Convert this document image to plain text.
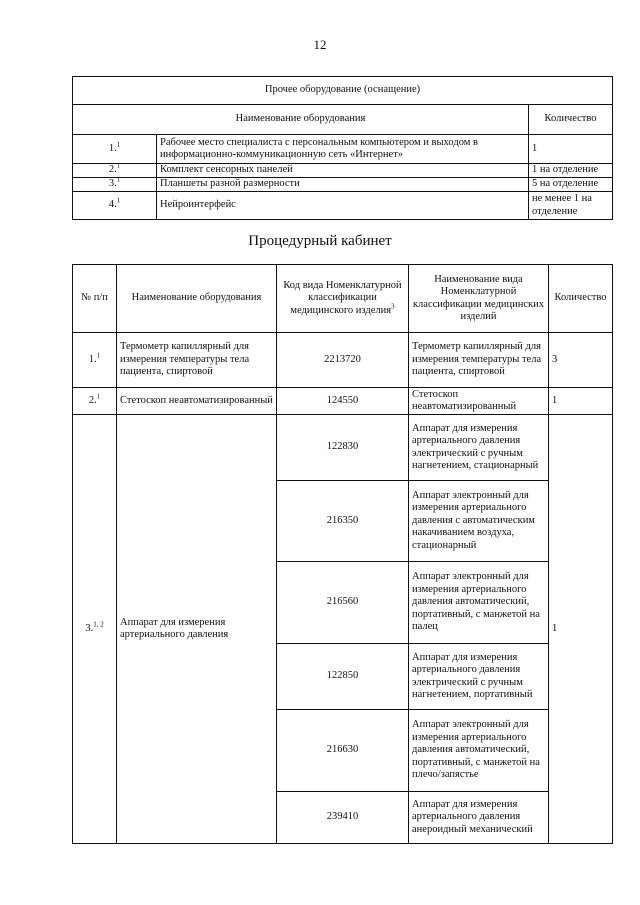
12
Прочее оборудование (оснащение)		
Наименование оборудования		Количество
1.$^1$	Рабочее место специалиста с персональным компьютером и выходом в информационно-коммуникационную сеть «Интернет»	1
2.$^1$	Комплект сенсорных панелей	1 на отделение
3.$^1$	Планшеты разной размерности	5 на отделение
4.$^1$	Нейроинтерфейс	не менее 1 на отделение
Процедурный кабинет
№ п/п	Наименование оборудования	Код вида Номенклатурной классификации медицинского изделия$^3$	Наименование вида Номенклатурной классификации медицинских изделий	Количество
1.$^1$	Термометр капиллярный для измерения температуры тела пациента, спиртовой	2213720	Термометр капиллярный для измерения температуры тела пациента, спиртовой	3
2.$^1$	Стетоскоп неавтоматизированный	124550	Стетоскоп неавтоматизированный	1
3.$^{1, 2}$	Аппарат для измерения артериального давления	122830	Аппарат для измерения артериального давления электрический с ручным нагнетением, стационарный	1
		216350	Аппарат электронный для измерения артериального давления с автоматическим накачиванием воздуха, стационарный	
		216560	Аппарат электронный для измерения артериального давления автоматический, портативный, с манжетой на палец	
		122850	Аппарат для измерения артериального давления электрический с ручным нагнетением, портативный	
		216630	Аппарат электронный для измерения артериального давления автоматический, портативный, с манжетой на плечо/запястье	
		239410	Аппарат для измерения артериального давления анероидный механический	
